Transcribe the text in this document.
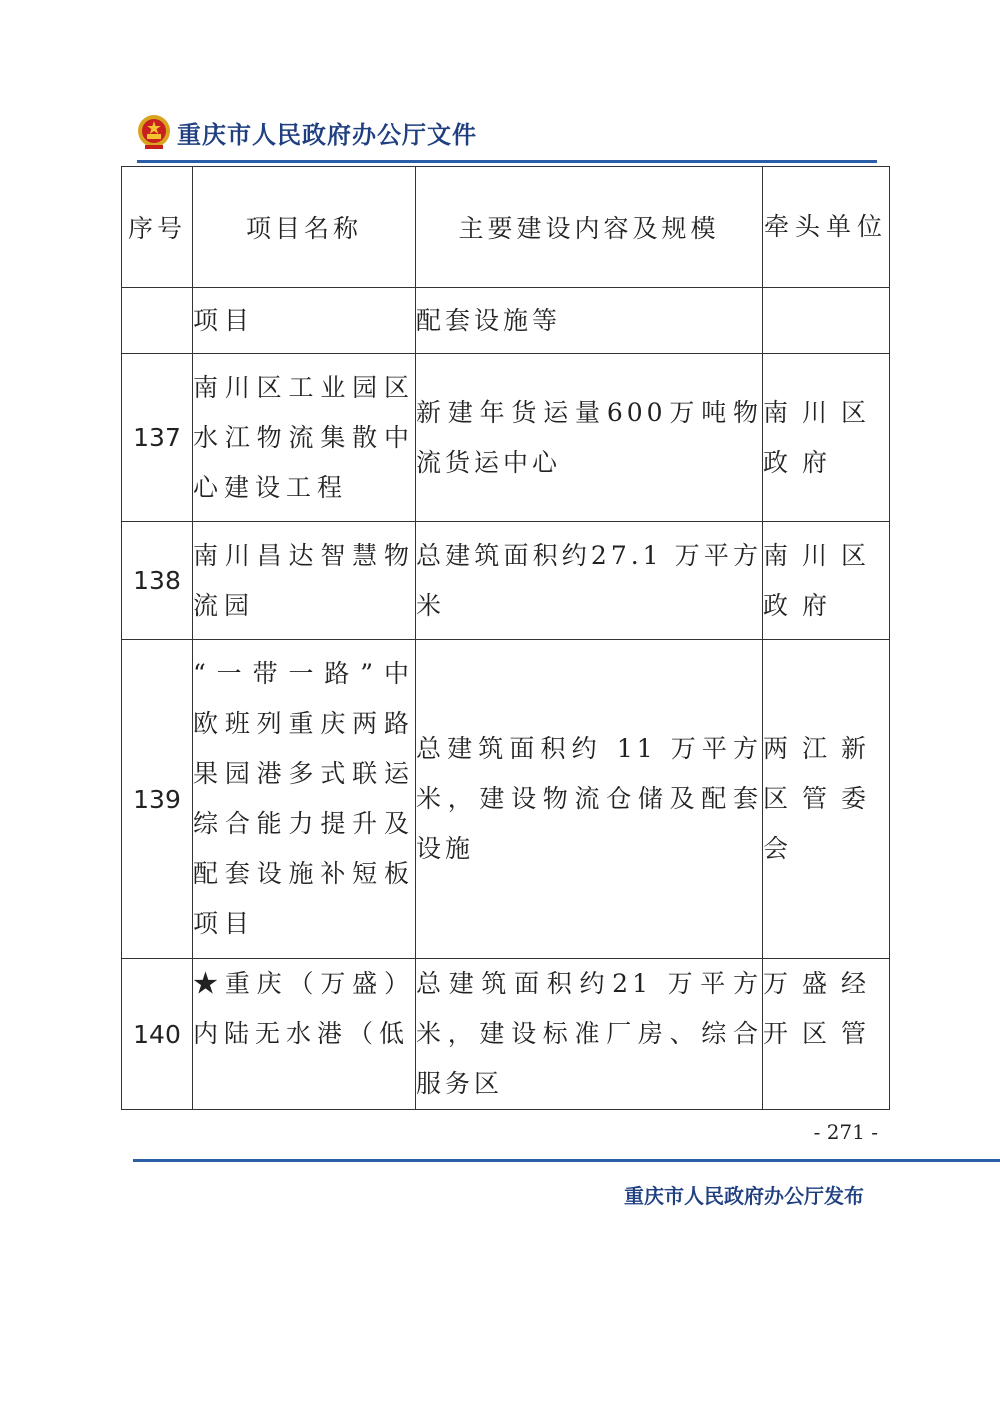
重庆市人民政府办公厅文件
序号	项目名称	主要建设内容及规模	牵头单位
	项目	配套设施等	
137	南川区工业园区水江物流集散中心建设工程	新建年货运量600万吨物流货运中心	南川区政府
138	南川昌达智慧物流园	总建筑面积约27.1 万平方米	南川区政府
139	“一带一路”中欧班列重庆两路果园港多式联运综合能力提升及配套设施补短板项目	总建筑面积约 11 万平方米，建设物流仓储及配套设施	两江新区管委会
140	★重庆（万盛）内陆无水港（低	总建筑面积约21 万平方米，建设标准厂房、综合服务区	万盛经开区管
- 271 -
重庆市人民政府办公厅发布
